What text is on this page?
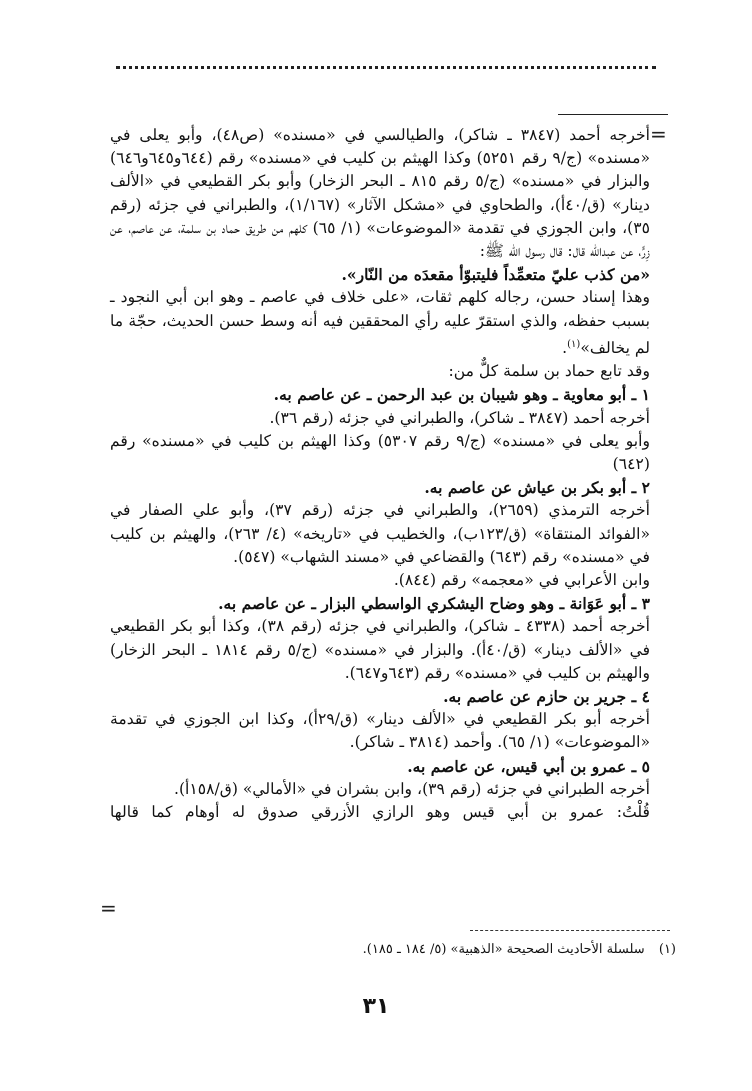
=

أخرجه أحمد (٣٨٤٧ ـ شاكر)، والطيالسي في «مسنده» (ص٤٨)، وأبو يعلى في «مسنده» (ج/٩ رقم ٥٢٥١) وكذا الهيثم بن كليب في «مسنده» رقم (٦٤٤و٦٤٥و٦٤٦) والبزار في «مسنده» (ج/٥ رقم ٨١٥ ـ البحر الزخار) وأبو بكر القطيعي في «الألف دينار» (ق/٤٠أ)، والطحاوي في «مشكل الآثار» (١/١٦٧)، والطبراني في جزئه (رقم ٣٥)، وابن الجوزي في تقدمة «الموضوعات» (١/ ٦٥) كلهم من طريق حماد بن سلمة، عن عاصم، عن زِرٍّ، عن عبدالله قال: قال رسول الله ﷺ:

«من كذب عليّ متعمِّداً فليتبوّأ مقعدَه من النّار».

وهذا إسناد حسن، رجاله كلهم ثقات، «على خلاف في عاصم ـ وهو ابن أبي النجود ـ بسبب حفظه، والذي استقرّ عليه رأي المحققين فيه أنه وسط حسن الحديث، حجّة ما لم يخالف»$^{(١)}$.

وقد تابع حماد بن سلمة كلٌّ من:

١ ـ أبو معاوية ـ وهو شيبان بن عبد الرحمن ـ عن عاصم به.

أخرجه أحمد (٣٨٤٧ ـ شاكر)، والطبراني في جزئه (رقم ٣٦).

وأبو يعلى في «مسنده» (ج/٩ رقم ٥٣٠٧) وكذا الهيثم بن كليب في «مسنده» رقم (٦٤٢)

٢ ـ أبو بكر بن عياش عن عاصم به.

أخرجه الترمذي (٢٦٥٩)، والطبراني في جزئه (رقم ٣٧)، وأبو علي الصفار في «الفوائد المنتقاة» (ق/١٢٣ب)، والخطيب في «تاريخه» (٤/ ٢٦٣)، والهيثم بن كليب في «مسنده» رقم (٦٤٣) والقضاعي في «مسند الشهاب» (٥٤٧).

وابن الأعرابي في «معجمه» رقم (٨٤٤).

٣ ـ أبو عَوَانة ـ وهو وضاح اليشكري الواسطي البزار ـ عن عاصم به.

أخرجه أحمد (٤٣٣٨ ـ شاكر)، والطبراني في جزئه (رقم ٣٨)، وكذا أبو بكر القطيعي في «الألف دينار» (ق/٤٠أ). والبزار في «مسنده» (ج/٥ رقم ١٨١٤ ـ البحر الزخار) والهيثم بن كليب في «مسنده» رقم (٦٤٣و٦٤٧).

٤ ـ جرير بن حازم عن عاصم به.

أخرجه أبو بكر القطيعي في «الألف دينار» (ق/٢٩أ)، وكذا ابن الجوزي في تقدمة «الموضوعات» (١/ ٦٥). وأحمد (٣٨١٤ ـ شاكر).

٥ ـ عمرو بن أبي قيس، عن عاصم به.

أخرجه الطبراني في جزئه (رقم ٣٩)، وابن بشران في «الأمالي» (ق/١٥٨أ).

قُلْتُ: عمرو بن أبي قيس وهو الرازي الأزرقي صدوق له أوهام كما قالها

=
(١) سلسلة الأحاديث الصحيحة «الذهبية» (٥/ ١٨٤ ـ ١٨٥).
٣١
